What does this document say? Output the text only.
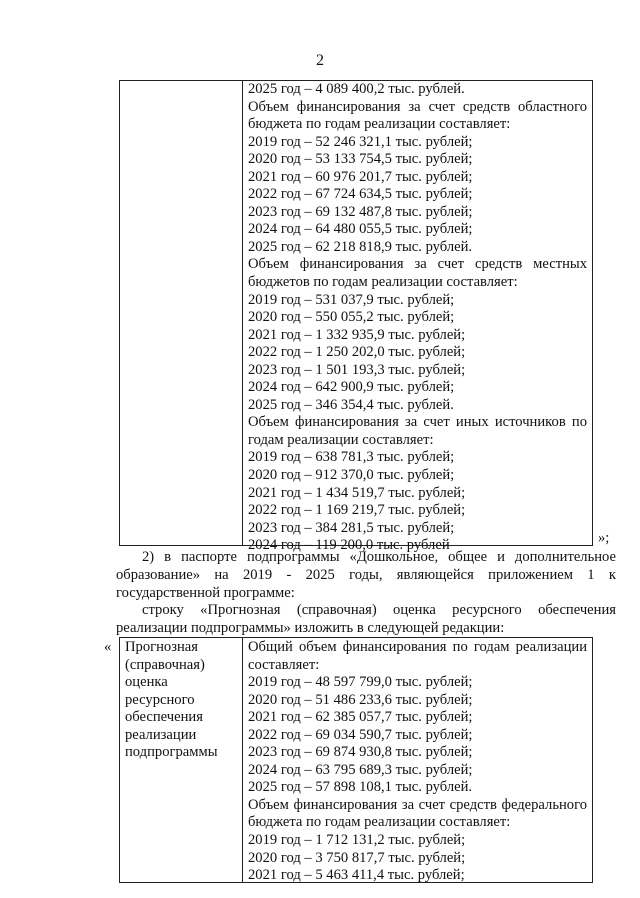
2
2025 год – 4 089 400,2 тыс. рублей.
Объем финансирования за счет средств областного
бюджета по годам реализации составляет:
2019 год – 52 246 321,1 тыс. рублей;
2020 год – 53 133 754,5 тыс. рублей;
2021 год – 60 976 201,7 тыс. рублей;
2022 год – 67 724 634,5 тыс. рублей;
2023 год – 69 132 487,8 тыс. рублей;
2024 год – 64 480 055,5 тыс. рублей;
2025 год – 62 218 818,9 тыс. рублей.
Объем финансирования за счет средств местных
бюджетов по годам реализации составляет:
2019 год – 531 037,9 тыс. рублей;
2020 год – 550 055,2 тыс. рублей;
2021 год – 1 332 935,9 тыс. рублей;
2022 год – 1 250 202,0 тыс. рублей;
2023 год – 1 501 193,3 тыс. рублей;
2024 год – 642 900,9 тыс. рублей;
2025 год – 346 354,4 тыс. рублей.
Объем финансирования за счет иных источников по
годам реализации составляет:
2019 год – 638 781,3 тыс. рублей;
2020 год – 912 370,0 тыс. рублей;
2021 год – 1 434 519,7 тыс. рублей;
2022 год – 1 169 219,7 тыс. рублей;
2023 год – 384 281,5 тыс. рублей;
2024 год – 119 200,0 тыс. рублей	»;
2) в паспорте подпрограммы «Дошкольное, общее и дополнительное
образование» на 2019 - 2025 годы, являющейся приложением 1 к
государственной программе:
строку «Прогнозная (справочная) оценка ресурсного обеспечения
реализации подпрограммы» изложить в следующей редакции:
« Прогнозная
(справочная)
оценка
ресурсного
обеспечения
реализации
подпрограммы
Общий объем финансирования по годам реализации
составляет:
2019 год – 48 597 799,0 тыс. рублей;
2020 год – 51 486 233,6 тыс. рублей;
2021 год – 62 385 057,7 тыс. рублей;
2022 год – 69 034 590,7 тыс. рублей;
2023 год – 69 874 930,8 тыс. рублей;
2024 год – 63 795 689,3 тыс. рублей;
2025 год – 57 898 108,1 тыс. рублей.
Объем финансирования за счет средств федерального
бюджета по годам реализации составляет:
2019 год – 1 712 131,2 тыс. рублей;
2020 год – 3 750 817,7 тыс. рублей;
2021 год – 5 463 411,4 тыс. рублей;
